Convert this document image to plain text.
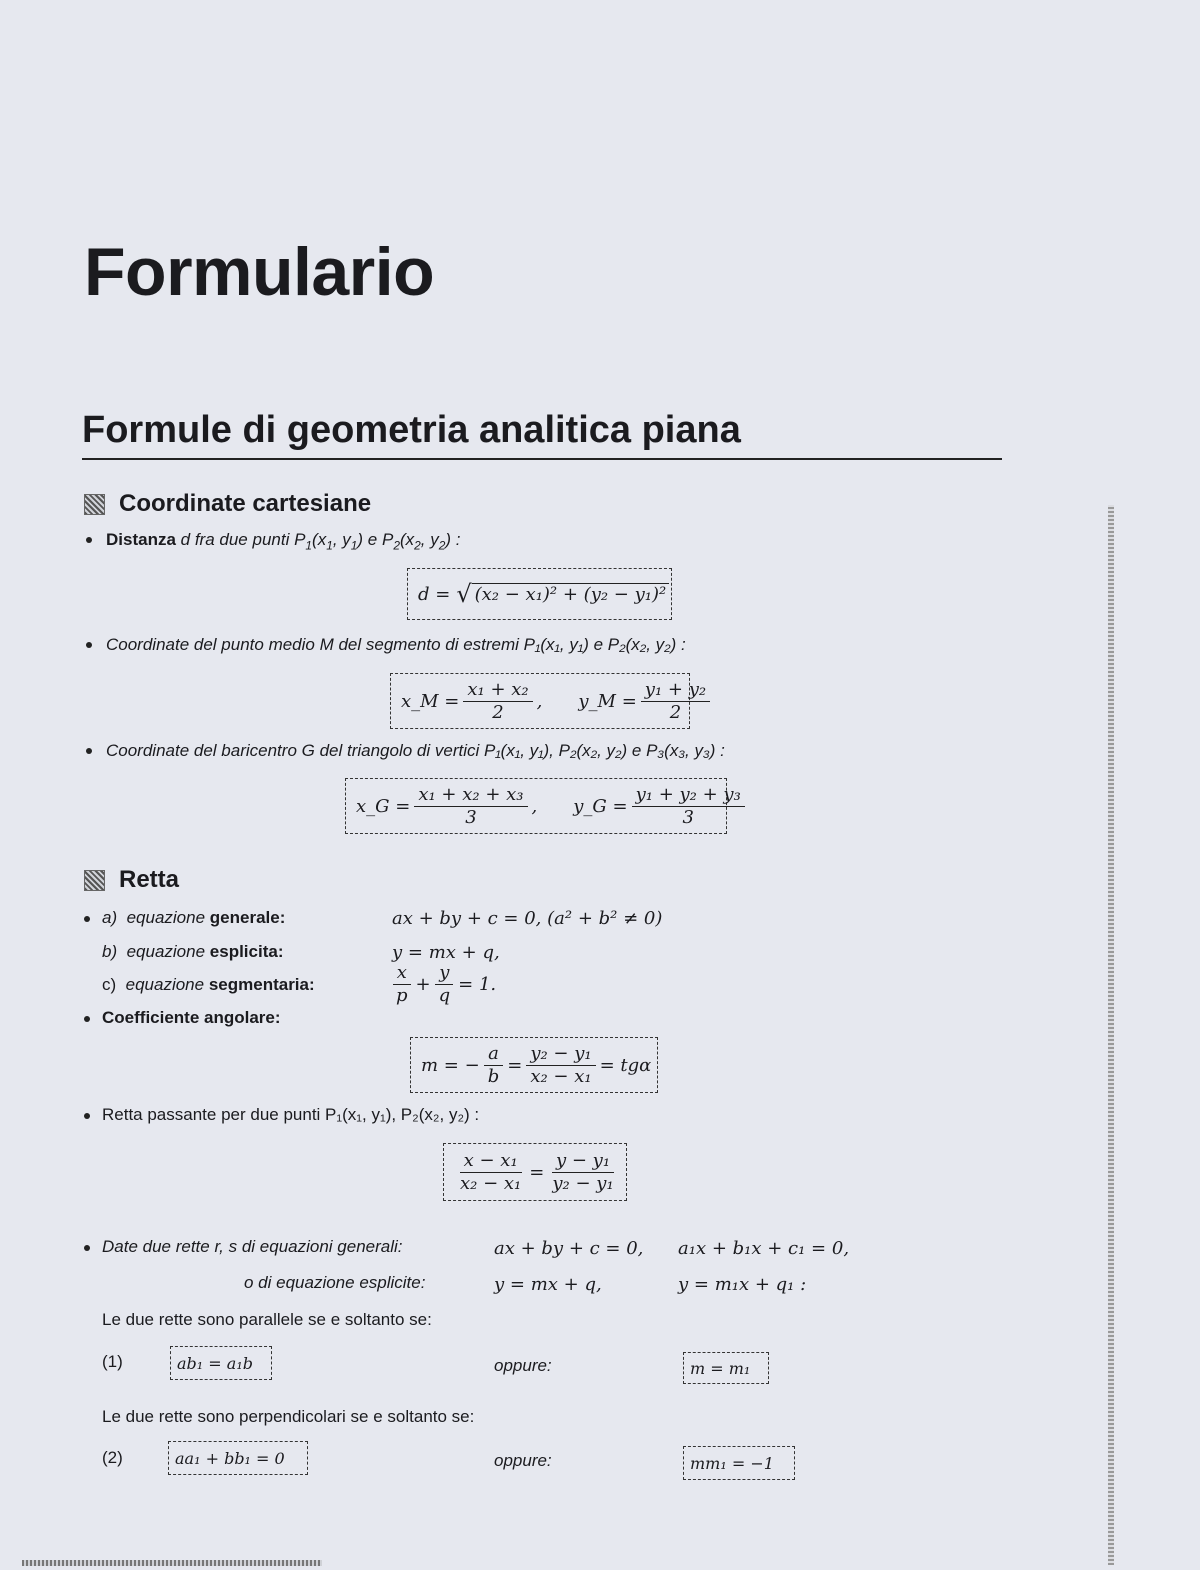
Formulario
Formule di geometria analitica piana
Coordinate cartesiane
Distanza d fra due punti $P_1(x_1$, $y_1$) e $P_2(x_2$, $y_2$) :
d = √ (x₂ − x₁)² + (y₂ − y₁)²
Coordinate del punto medio M del segmento di estremi P₁(x₁, y₁) e P₂(x₂, y₂) :
x_M = $\frac{\text{x₁ + x₂}}{2}$ , y_M = $\frac{\text{y₁ + y₂}}{2}$
Coordinate del baricentro G del triangolo di vertici P₁(x₁, y₁), P₂(x₂, y₂) e P₃(x₃, y₃) :
x_G = $\frac{\text{x₁ + x₂ + x₃}}{3}$ , y_G = $\frac{\text{y₁ + y₂ + y₃}}{3}$
Retta
a) equazione generale:	ax + by + c = 0, (a² + b² ≠ 0)
b) equazione esplicita:	y = mx + q,
c) equazione segmentaria:	$\frac{x}{p} + \frac{y}{q} = 1$.
Coefficiente angolare:
m = − $\frac{a}{b} = \frac{\text{y₂ − y₁}}{\text{x₂ − x₁}} = tg\alpha$
Retta passante per due punti P₁(x₁, y₁), P₂(x₂, y₂) :
$\frac{\text{x − x₁}}{\text{x₂ − x₁}} = \frac{\text{y − y₁}}{\text{y₂ − y₁}}$
Date due rette r, s di equazioni generali:	ax + by + c = 0, a₁x + b₁x + c₁ = 0,
o di equazione esplicite:	y = mx + q,	y = m₁x + q₁ :
Le due rette sono parallele se e soltanto se:
(1)	ab₁ = a₁b	oppure:	m = m₁
Le due rette sono perpendicolari se e soltanto se:
(2)	aa₁ + bb₁ = 0	oppure:	mm₁ = −1
